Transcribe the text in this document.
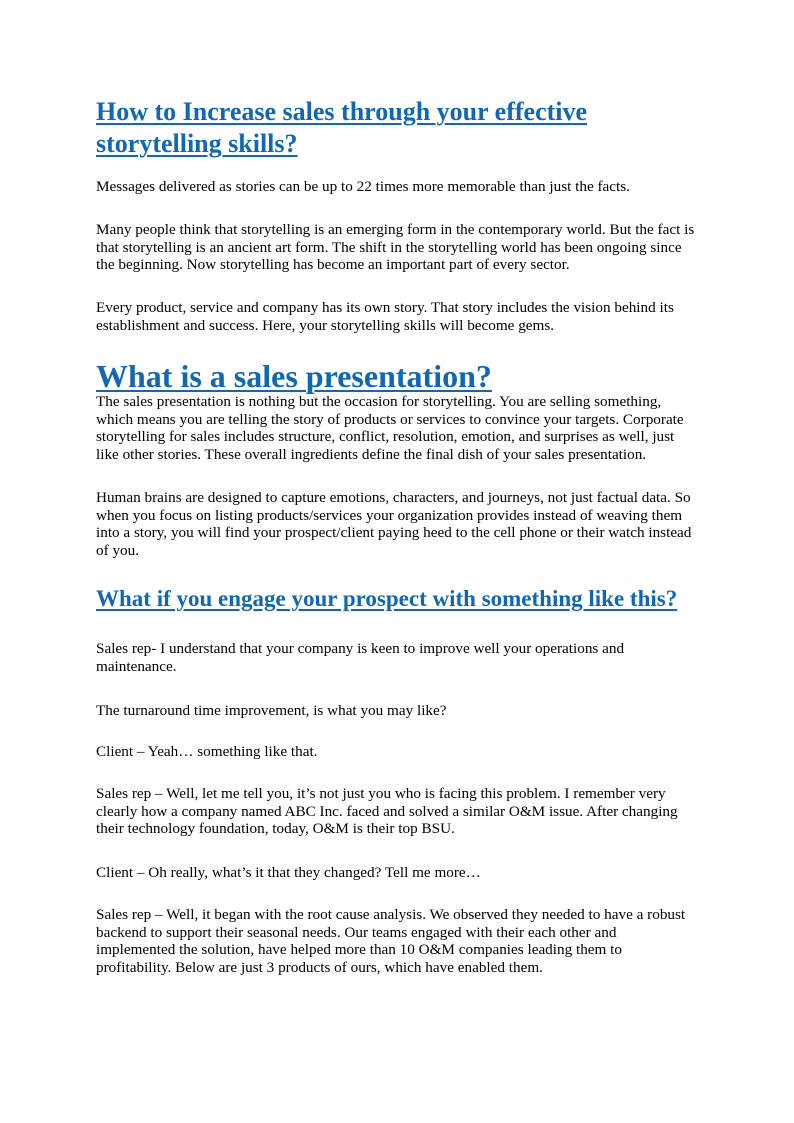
How to Increase sales through your effective storytelling skills?

Messages delivered as stories can be up to 22 times more memorable than just the facts.

Many people think that storytelling is an emerging form in the contemporary world. But the fact is that storytelling is an ancient art form. The shift in the storytelling world has been ongoing since the beginning. Now storytelling has become an important part of every sector.

Every product, service and company has its own story. That story includes the vision behind its establishment and success. Here, your storytelling skills will become gems.

What is a sales presentation?

The sales presentation is nothing but the occasion for storytelling. You are selling something, which means you are telling the story of products or services to convince your targets. Corporate storytelling for sales includes structure, conflict, resolution, emotion, and surprises as well, just like other stories. These overall ingredients define the final dish of your sales presentation.

Human brains are designed to capture emotions, characters, and journeys, not just factual data. So when you focus on listing products/services your organization provides instead of weaving them into a story, you will find your prospect/client paying heed to the cell phone or their watch instead of you.

What if you engage your prospect with something like this?

Sales rep- I understand that your company is keen to improve well your operations and maintenance.

The turnaround time improvement, is what you may like?

Client – Yeah… something like that.

Sales rep – Well, let me tell you, it’s not just you who is facing this problem. I remember very clearly how a company named ABC Inc. faced and solved a similar O&M issue. After changing their technology foundation, today, O&M is their top BSU.

Client – Oh really, what’s it that they changed? Tell me more…

Sales rep – Well, it began with the root cause analysis. We observed they needed to have a robust backend to support their seasonal needs. Our teams engaged with their each other and implemented the solution, have helped more than 10 O&M companies leading them to profitability. Below are just 3 products of ours, which have enabled them.
